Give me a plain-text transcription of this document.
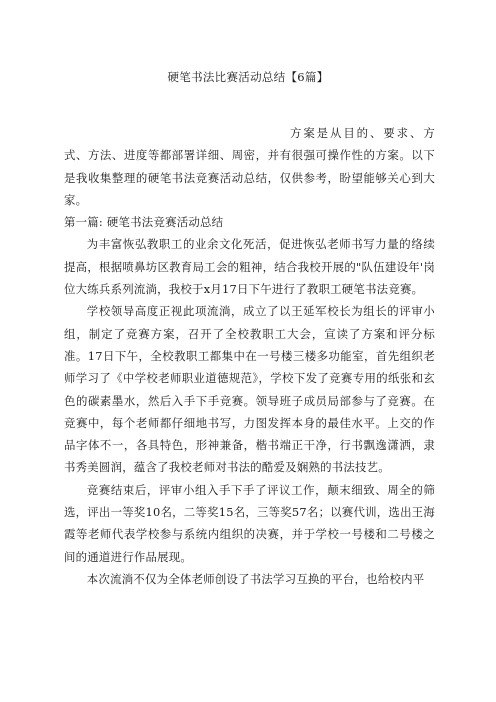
硬笔书法比赛活动总结【6篇】

方案是从目的、要求、方式、方法、进度等都部署详细、周密，并有很强可操作性的方案。以下是我收集整理的硬笔书法竞赛活动总结，仅供参考，盼望能够关心到大家。

第一篇: 硬笔书法竞赛活动总结

为丰富恢弘教职工的业余文化死活，促进恢弘老师书写力量的络续提高，根据喷鼻坊区教育局工会的粗神，结合我校开展的"队伍建设年'岗位大练兵系列流淌，我校于x月17日下午进行了教职工硬笔书法竞赛。

学校领导高度正视此项流淌，成立了以王延军校长为组长的评审小组，制定了竞赛方案，召开了全校教职工大会，宣读了方案和评分标准。17日下午，全校教职工都集中在一号楼三楼多功能室，首先组织老师学习了《中学校老师职业道德规范》，学校下发了竞赛专用的纸张和玄色的碳素墨水，然后入手下手竞赛。领导班子成员局部参与了竞赛。在竞赛中，每个老师都仔细地书写，力图发挥本身的最佳水平。上交的作品字体不一，各具特色，形神兼备，楷书端正干净，行书飘逸潇洒，隶书秀美圆润，蕴含了我校老师对书法的酷爱及娴熟的书法技艺。

竞赛结束后，评审小组入手下手了评议工作，颠末细致、周全的筛选，评出一等奖10名，二等奖15名，三等奖57名；以赛代训，选出王海霞等老师代表学校参与系统内组织的决赛，并于学校一号楼和二号楼之间的通道进行作品展现。

本次流淌不仅为全体老师创设了书法学习互换的平台，也给校内平
